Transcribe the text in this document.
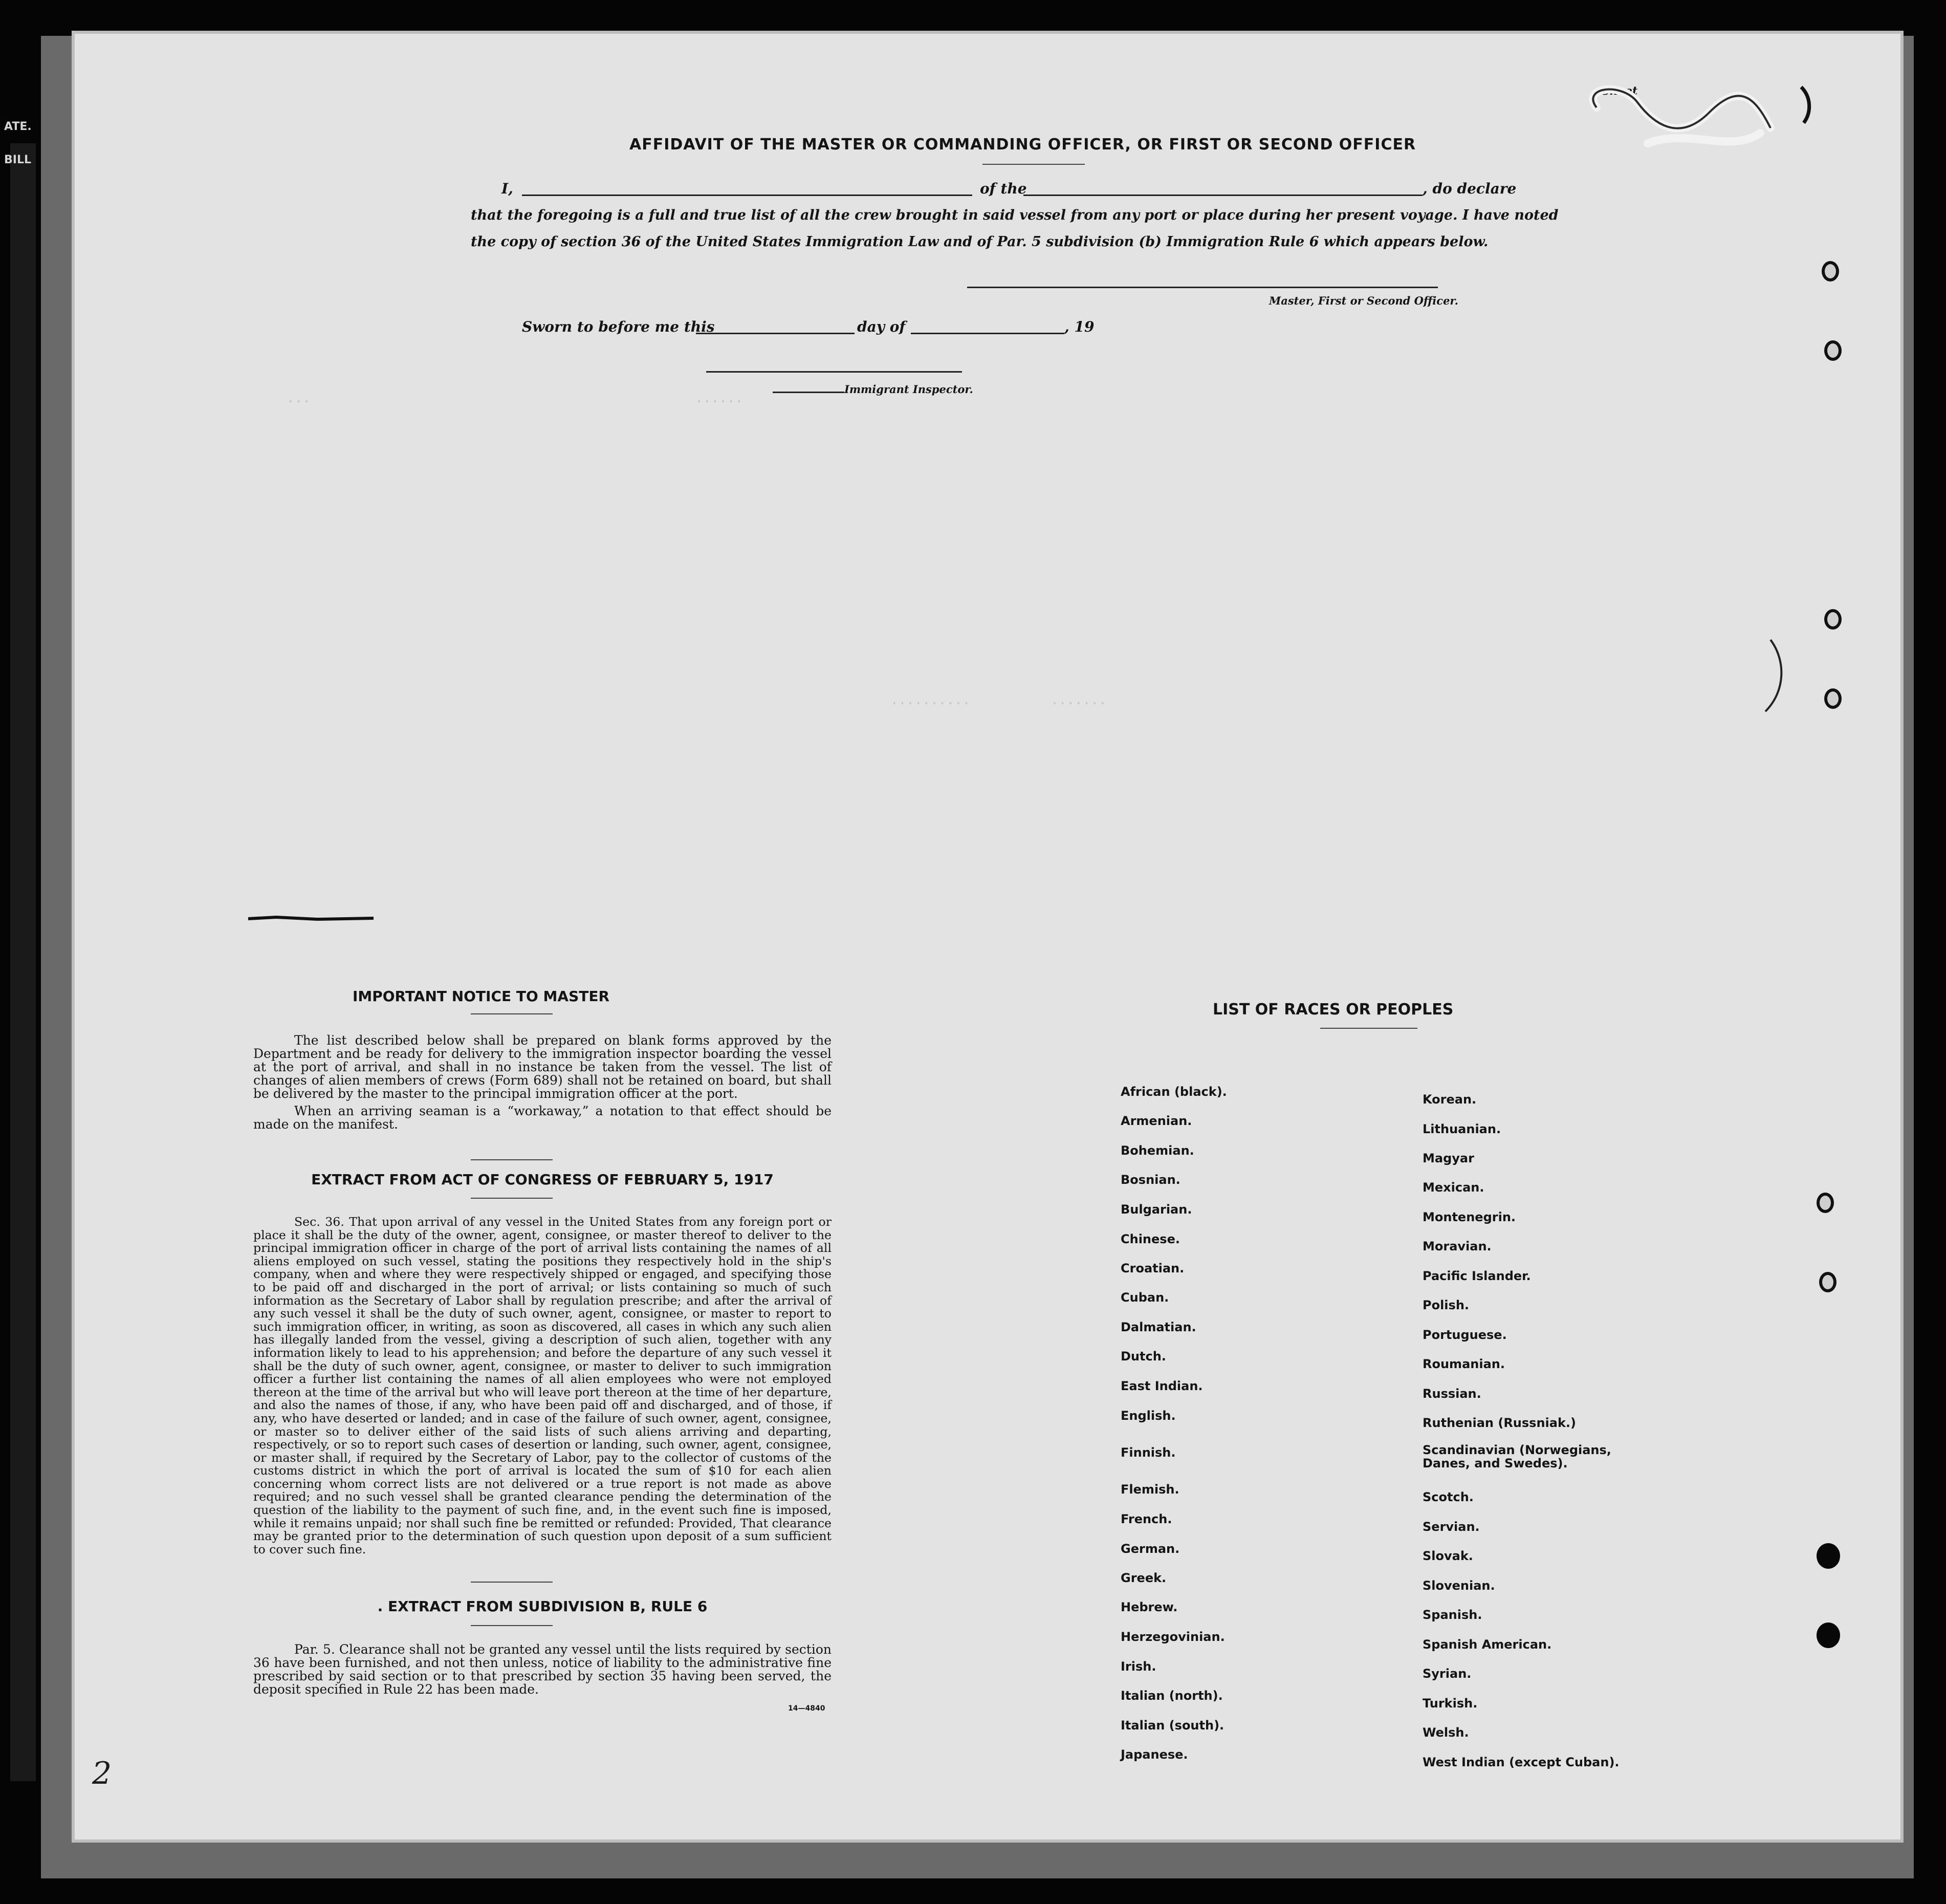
···                                                ······
··········          ·······
Sheet
AFFIDAVIT OF THE MASTER OR COMMANDING OFFICER, OR FIRST OR SECOND OFFICER
I,	of the	, do declare
that the foregoing is a full and true list of all the crew brought in said vessel from any port or place during her present voyage. I have noted
the copy of section 36 of the United States Immigration Law and of Par. 5 subdivision (b) Immigration Rule 6 which appears below.
Master, First or Second Officer.
Sworn to before me this	day of	, 19
Immigrant Inspector.
IMPORTANT NOTICE TO MASTER

The list described below shall be prepared on blank forms approved by the Department and be ready for delivery to the immigration inspector boarding the vessel at the port of arrival, and shall in no instance be taken from the vessel. The list of changes of alien members of crews (Form 689) shall not be retained on board, but shall be delivered by the master to the principal immigration officer at the port.

When an arriving seaman is a “workaway,” a notation to that effect should be made on the manifest.

EXTRACT FROM ACT OF CONGRESS OF FEBRUARY 5, 1917

Sec. 36. That upon arrival of any vessel in the United States from any foreign port or place it shall be the duty of the owner, agent, consignee, or master thereof to deliver to the principal immigration officer in charge of the port of arrival lists containing the names of all aliens employed on such vessel, stating the positions they respectively hold in the ship's company, when and where they were respectively shipped or engaged, and specifying those to be paid off and discharged in the port of arrival; or lists containing so much of such information as the Secretary of Labor shall by regulation prescribe; and after the arrival of any such vessel it shall be the duty of such owner, agent, consignee, or master to report to such immigration officer, in writing, as soon as discovered, all cases in which any such alien has illegally landed from the vessel, giving a description of such alien, together with any information likely to lead to his apprehension; and before the departure of any such vessel it shall be the duty of such owner, agent, consignee, or master to deliver to such immigration officer a further list containing the names of all alien employees who were not employed thereon at the time of the arrival but who will leave port thereon at the time of her departure, and also the names of those, if any, who have been paid off and discharged, and of those, if any, who have deserted or landed; and in case of the failure of such owner, agent, consignee, or master so to deliver either of the said lists of such aliens arriving and departing, respectively, or so to report such cases of desertion or landing, such owner, agent, consignee, or master shall, if required by the Secretary of Labor, pay to the collector of customs of the customs district in which the port of arrival is located the sum of $10 for each alien concerning whom correct lists are not delivered or a true report is not made as above required; and no such vessel shall be granted clearance pending the determination of the question of the liability to the payment of such fine, and, in the event such fine is imposed, while it remains unpaid; nor shall such fine be remitted or refunded: Provided, That clearance may be granted prior to the determination of such question upon deposit of a sum sufficient to cover such fine.

. EXTRACT FROM SUBDIVISION B, RULE 6

Par. 5. Clearance shall not be granted any vessel until the lists required by section 36 have been furnished, and not then unless, notice of liability to the administrative fine prescribed by said section or to that prescribed by section 35 having been served, the deposit specified in Rule 22 has been made.

14—4840
LIST OF RACES OR PEOPLES
2
African (black).
Armenian.
Bohemian.
Bosnian.
Bulgarian.
Chinese.
Croatian.
Cuban.
Dalmatian.
Dutch.
East Indian.
English.
Finnish.
Flemish.
French.
German.
Greek.
Hebrew.
Herzegovinian.
Irish.
Italian (north).
Italian (south).
Japanese.
Korean.
Lithuanian.
Magyar
Mexican.
Montenegrin.
Moravian.
Pacific Islander.
Polish.
Portuguese.
Roumanian.
Russian.
Ruthenian (Russniak.)
Scandinavian (Norwegians,
Danes, and Swedes).
Scotch.
Servian.
Slovak.
Slovenian.
Spanish.
Spanish American.
Syrian.
Turkish.
Welsh.
West Indian (except Cuban).
ATE.
BILL
